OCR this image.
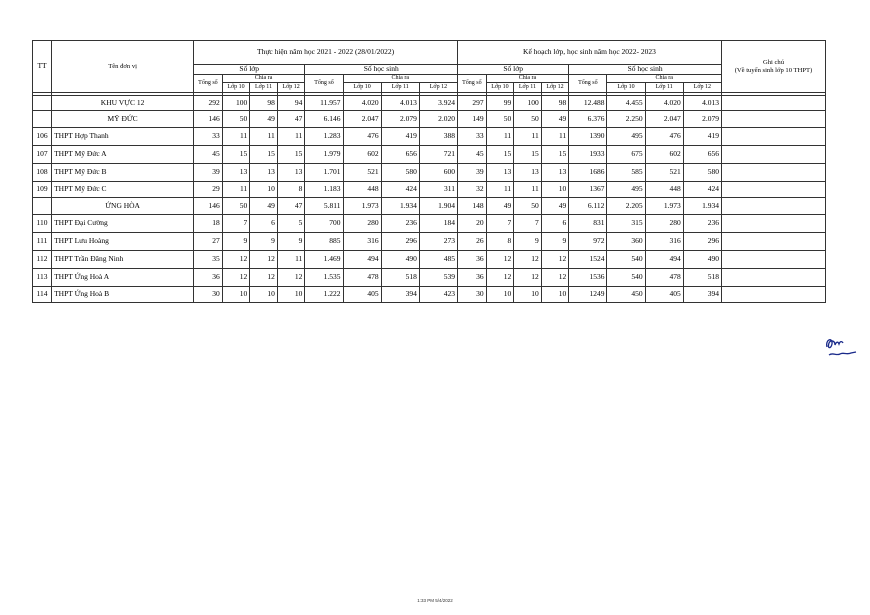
TT	Tên đơn vị	Thực hiện năm học 2021 - 2022 (28/01/2022)								Kế hoạch lớp, học sinh năm học 2022- 2023								Ghi chú
(Về tuyển sinh lớp 10 THPT)

		Số lớp				Số học sinh				Số lớp				Số học sinh				
		Tổng số	Chia ra			Tổng số	Chia ra			Tổng số	Chia ra			Tổng số	Chia ra			
			Lớp 10	Lớp 11	Lớp 12		Lớp 10	Lớp 11	Lớp 12		Lớp 10	Lớp 11	Lớp 12		Lớp 10	Lớp 11	Lớp 12	

	KHU VỰC 12	292	100	98	94	11.957	4.020	4.013	3.924	297	99	100	98	12.488	4.455	4.020	4.013	
	MỸ ĐỨC	146	50	49	47	6.146	2.047	2.079	2.020	149	50	50	49	6.376	2.250	2.047	2.079	
106	THPT Hợp Thanh	33	11	11	11	1.283	476	419	388	33	11	11	11	1390	495	476	419	
107	THPT Mỹ Đức A	45	15	15	15	1.979	602	656	721	45	15	15	15	1933	675	602	656	
108	THPT Mỹ Đức B	39	13	13	13	1.701	521	580	600	39	13	13	13	1686	585	521	580	
109	THPT Mỹ Đức C	29	11	10	8	1.183	448	424	311	32	11	11	10	1367	495	448	424	
	ỨNG HÒA	146	50	49	47	5.811	1.973	1.934	1.904	148	49	50	49	6.112	2.205	1.973	1.934	
110	THPT Đại Cường	18	7	6	5	700	280	236	184	20	7	7	6	831	315	280	236	
111	THPT Lưu Hoàng	27	9	9	9	885	316	296	273	26	8	9	9	972	360	316	296	
112	THPT Trần Đăng Ninh	35	12	12	11	1.469	494	490	485	36	12	12	12	1524	540	494	490	
113	THPT Ứng Hoà A	36	12	12	12	1.535	478	518	539	36	12	12	12	1536	540	478	518	
114	THPT Ứng Hoà B	30	10	10	10	1.222	405	394	423	30	10	10	10	1249	450	405	394	
1:33 PM 5/4/2022
